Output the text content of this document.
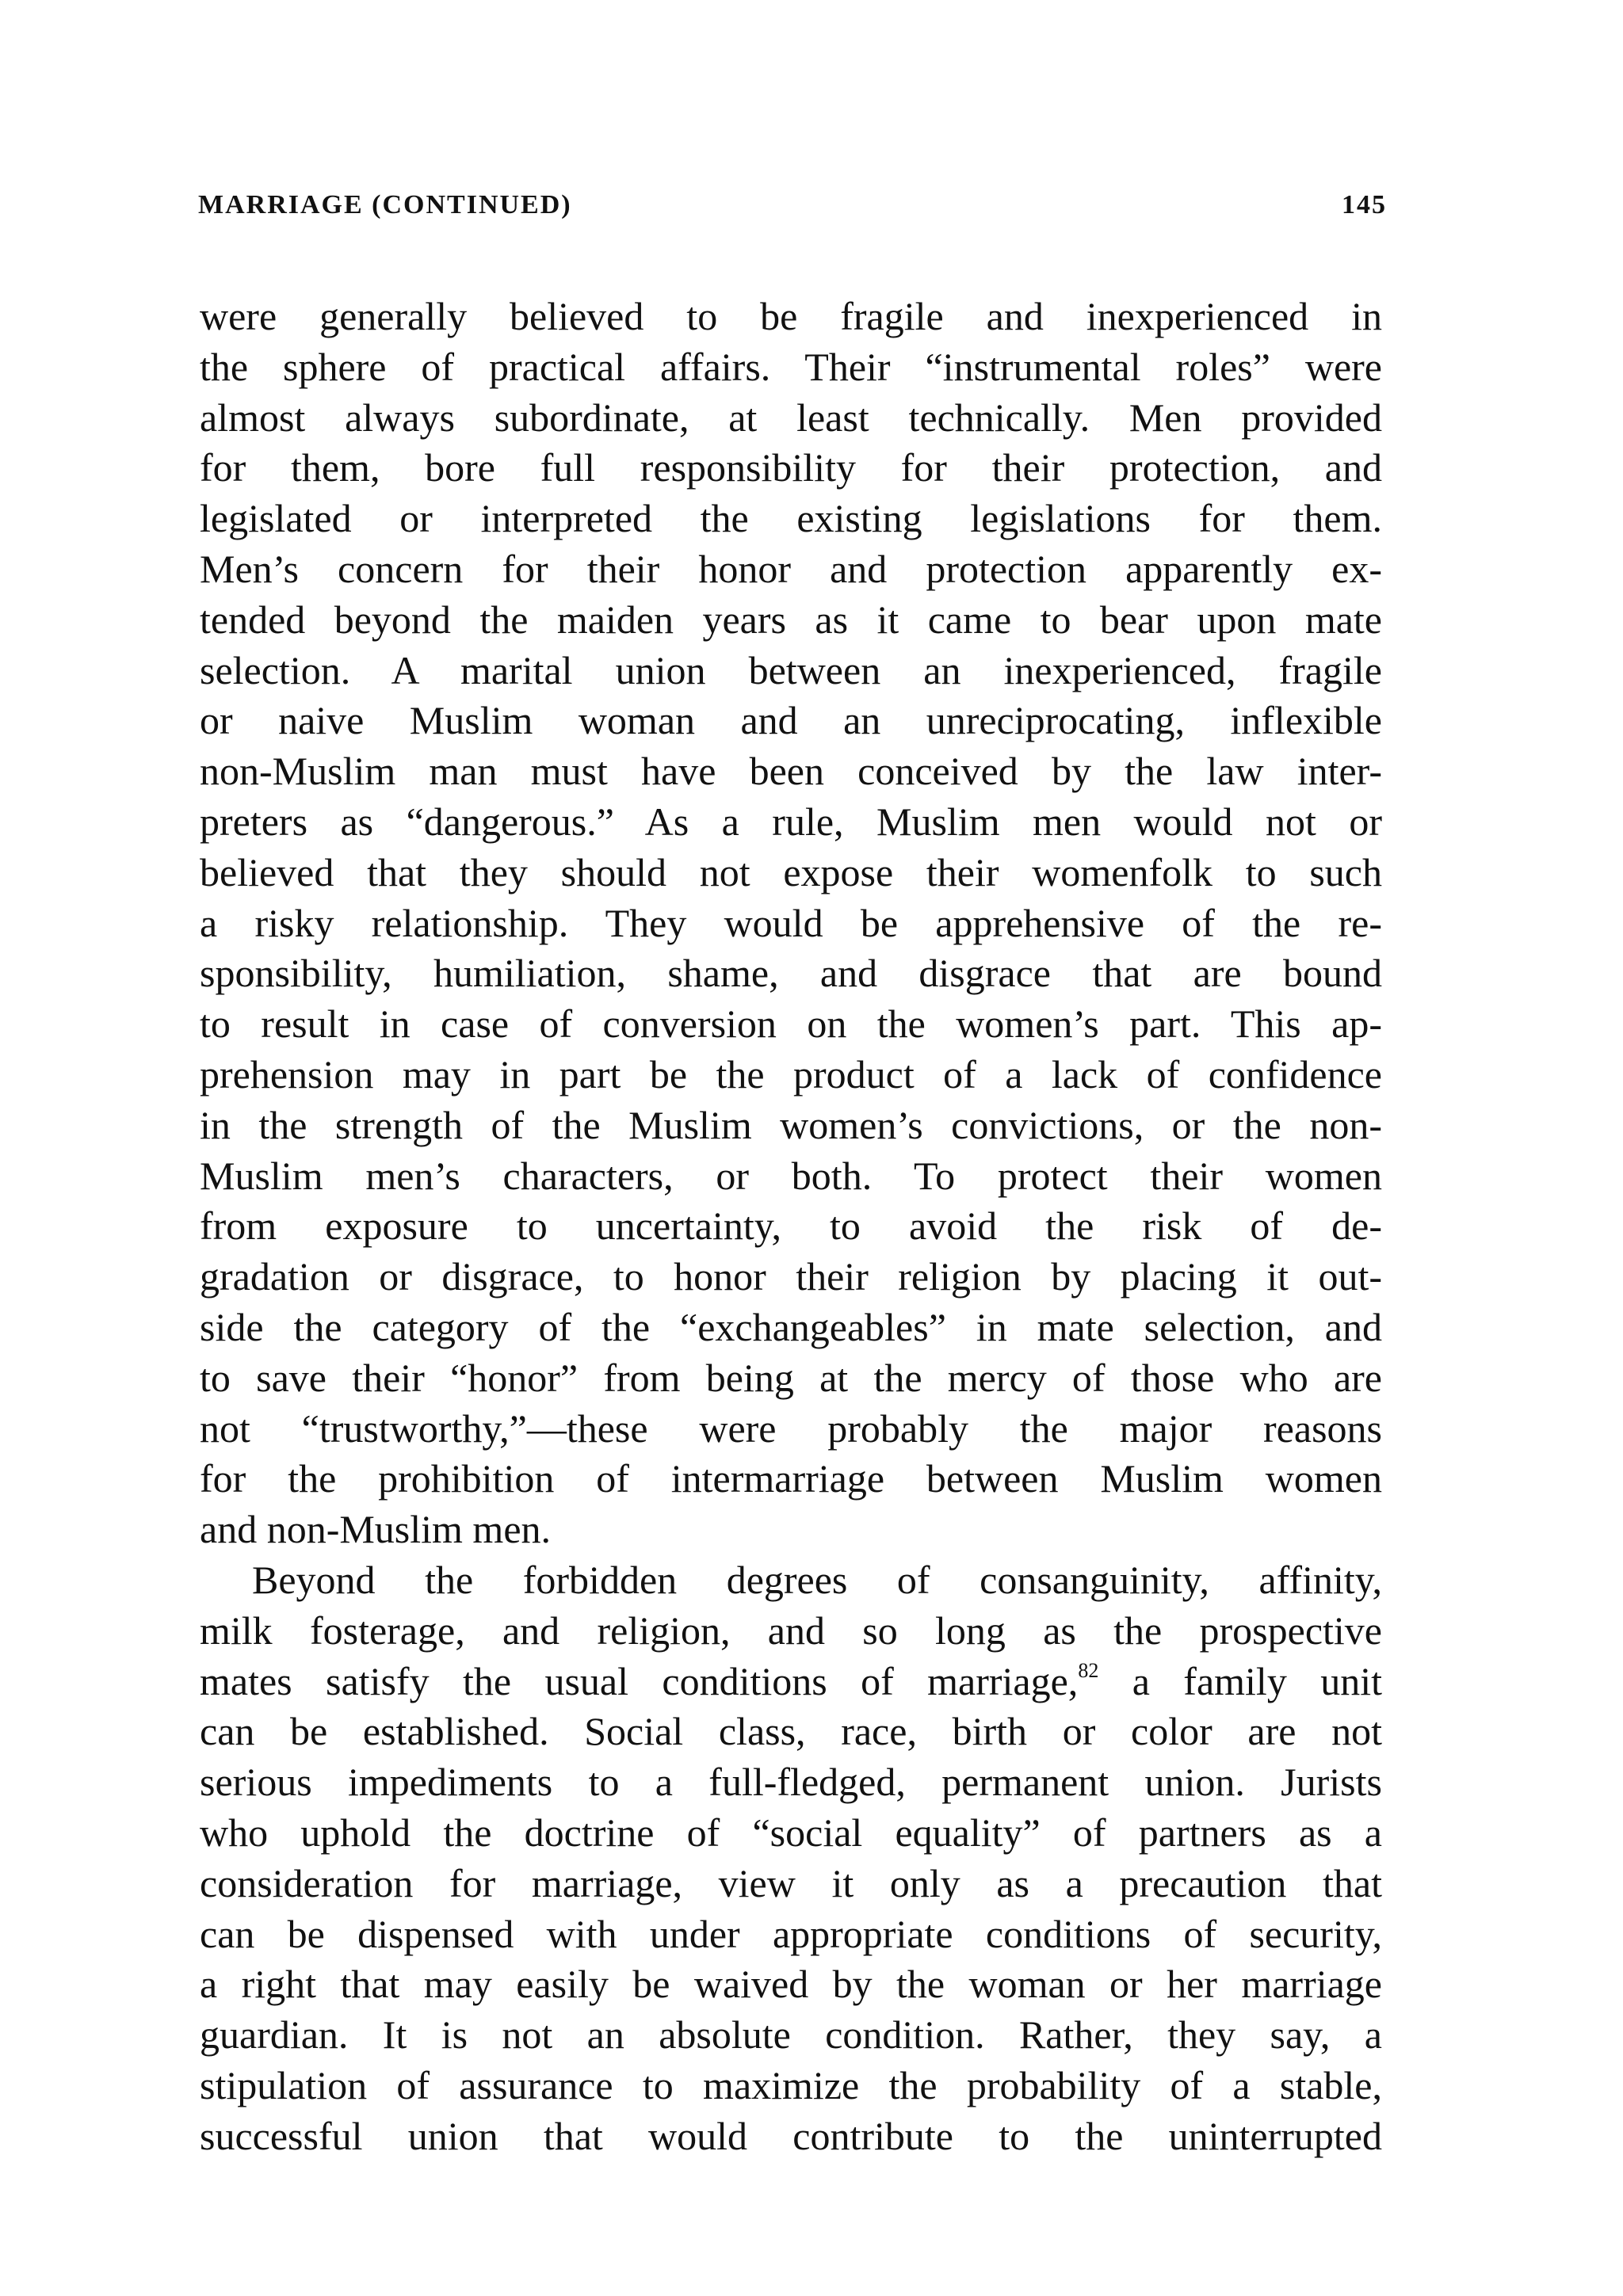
MARRIAGE (CONTINUED)	145
were generally believed to be fragile and inexperienced in
the sphere of practical affairs. Their “instrumental roles” were
almost always subordinate, at least technically. Men provided
for them, bore full responsibility for their protection, and
legislated or interpreted the existing legislations for them.
Men’s concern for their honor and protection apparently ex-
tended beyond the maiden years as it came to bear upon mate
selection. A marital union between an inexperienced, fragile
or naive Muslim woman and an unreciprocating, inflexible
non-Muslim man must have been conceived by the law inter-
preters as “dangerous.” As a rule, Muslim men would not or
believed that they should not expose their womenfolk to such
a risky relationship. They would be apprehensive of the re-
sponsibility, humiliation, shame, and disgrace that are bound
to result in case of conversion on the women’s part. This ap-
prehension may in part be the product of a lack of confidence
in the strength of the Muslim women’s convictions, or the non-
Muslim men’s characters, or both. To protect their women
from exposure to uncertainty, to avoid the risk of de-
gradation or disgrace, to honor their religion by placing it out-
side the category of the “exchangeables” in mate selection, and
to save their “honor” from being at the mercy of those who are
not “trustworthy,”—these were probably the major reasons
for the prohibition of intermarriage between Muslim women
and non-Muslim men.
Beyond the forbidden degrees of consanguinity, affinity,
milk fosterage, and religion, and so long as the prospective
mates satisfy the usual conditions of marriage,$^{82}$ a family unit
can be established. Social class, race, birth or color are not
serious impediments to a full-fledged, permanent union. Jurists
who uphold the doctrine of “social equality” of partners as a
consideration for marriage, view it only as a precaution that
can be dispensed with under appropriate conditions of security,
a right that may easily be waived by the woman or her marriage
guardian. It is not an absolute condition. Rather, they say, a
stipulation of assurance to maximize the probability of a stable,
successful union that would contribute to the uninterrupted
